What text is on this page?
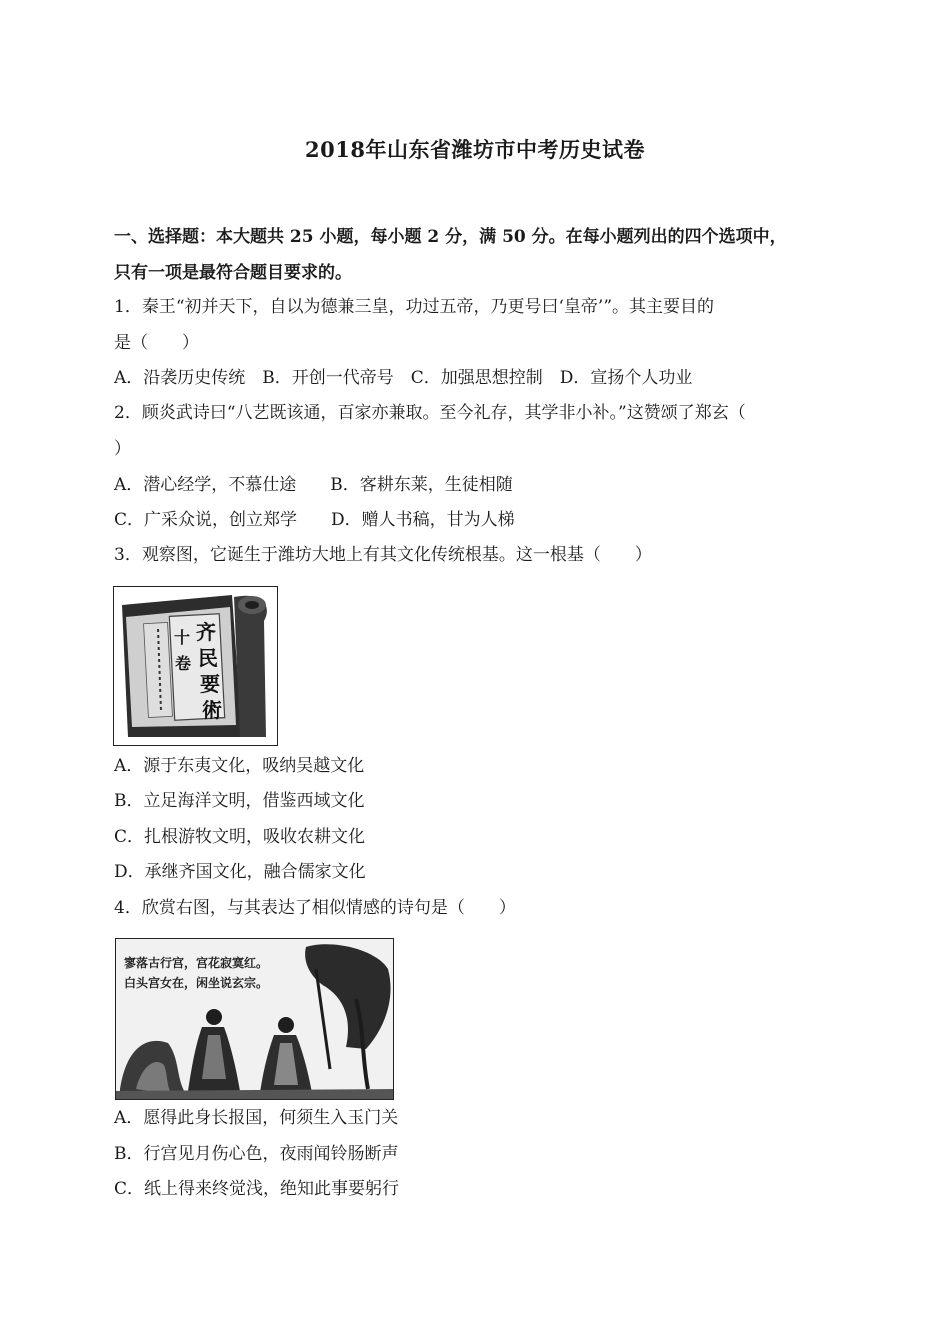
2018年山东省潍坊市中考历史试卷
一、选择题：本大题共 25 小题，每小题 2 分，满 50 分。在每小题列出的四个选项中，
只有一项是最符合题目要求的。
1．秦王“初并天下，自以为德兼三皇，功过五帝，乃更号曰‘皇帝’”。其主要目的
是（　　）
A．沿袭历史传统　B．开创一代帝号　C．加强思想控制　D．宣扬个人功业
2．顾炎武诗曰“八艺既该通，百家亦兼取。至今礼存，其学非小补。”这赞颂了郑玄（
）
A．潜心经学，不慕仕途　　B．客耕东莱，生徒相随
C．广采众说，创立郑学　　D．赠人书稿，甘为人梯
3．观察图，它诞生于潍坊大地上有其文化传统根基。这一根基（　　）
齐
民
要
術
十
卷
A．源于东夷文化，吸纳吴越文化
B．立足海洋文明，借鉴西域文化
C．扎根游牧文明，吸收农耕文化
D．承继齐国文化，融合儒家文化
4．欣赏右图，与其表达了相似情感的诗句是（　　）
寥落古行宫，宫花寂寞红。
白头宫女在，闲坐说玄宗。
A．愿得此身长报国，何须生入玉门关
B．行宫见月伤心色，夜雨闻铃肠断声
C．纸上得来终觉浅，绝知此事要躬行
